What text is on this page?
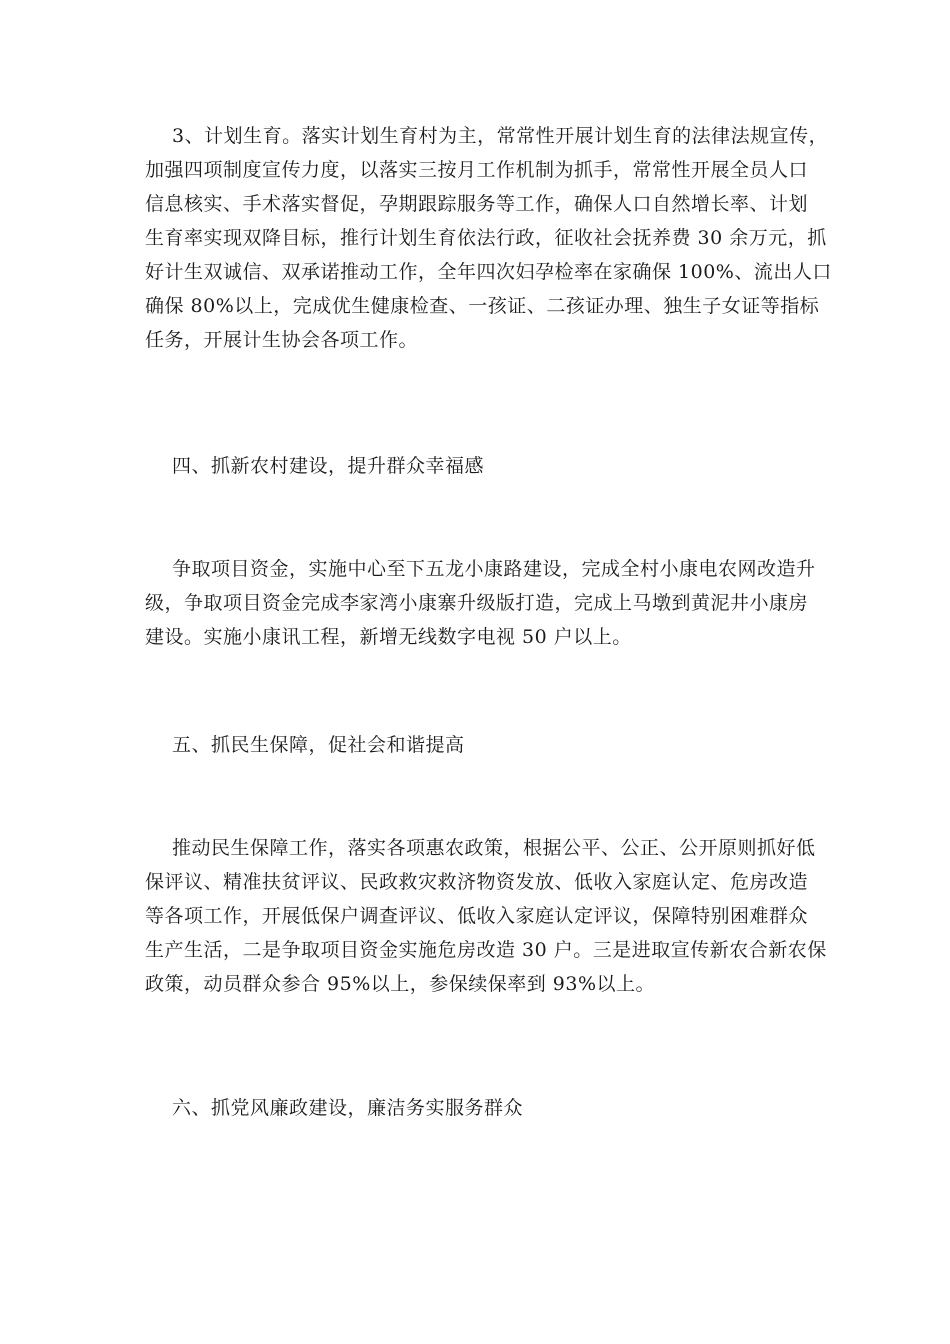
3、计划生育。落实计划生育村为主，常常性开展计划生育的法律法规宣传，
加强四项制度宣传力度，以落实三按月工作机制为抓手，常常性开展全员人口
信息核实、手术落实督促，孕期跟踪服务等工作，确保人口自然增长率、计划
生育率实现双降目标，推行计划生育依法行政，征收社会抚养费 30 余万元，抓
好计生双诚信、双承诺推动工作，全年四次妇孕检率在家确保 100%、流出人口
确保 80%以上，完成优生健康检查、一孩证、二孩证办理、独生子女证等指标
任务，开展计生协会各项工作。
四、抓新农村建设，提升群众幸福感
争取项目资金，实施中心至下五龙小康路建设，完成全村小康电农网改造升
级，争取项目资金完成李家湾小康寨升级版打造，完成上马墩到黄泥井小康房
建设。实施小康讯工程，新增无线数字电视 50 户以上。
五、抓民生保障，促社会和谐提高
推动民生保障工作，落实各项惠农政策，根据公平、公正、公开原则抓好低
保评议、精准扶贫评议、民政救灾救济物资发放、低收入家庭认定、危房改造
等各项工作，开展低保户调查评议、低收入家庭认定评议，保障特别困难群众
生产生活，二是争取项目资金实施危房改造 30 户。三是进取宣传新农合新农保
政策，动员群众参合 95%以上，参保续保率到 93%以上。
六、抓党风廉政建设，廉洁务实服务群众
